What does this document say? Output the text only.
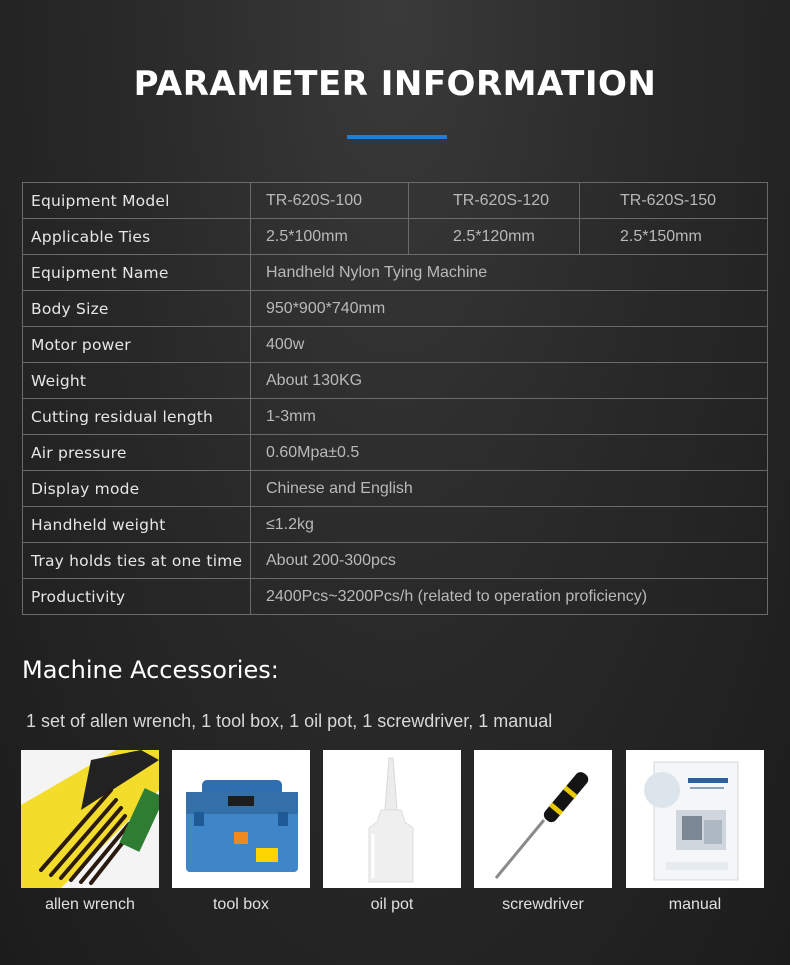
PARAMETER INFORMATION
Equipment Model	TR-620S-100	TR-620S-120	TR-620S-150
Applicable Ties	2.5*100mm	2.5*120mm	2.5*150mm
Equipment Name	Handheld Nylon Tying Machine		
Body Size	950*900*740mm		
Motor power	400w		
Weight	About 130KG		
Cutting residual length	1-3mm		
Air pressure	0.60Mpa±0.5		
Display mode	Chinese and English		
Handheld weight	≤1.2kg		
Tray holds ties at one time	About 200-300pcs		
Productivity	2400Pcs~3200Pcs/h (related to operation proficiency)		
Machine Accessories:
1 set of allen wrench, 1 tool box, 1 oil pot, 1 screwdriver, 1 manual
allen wrench	tool box	oil pot	screwdriver	manual
